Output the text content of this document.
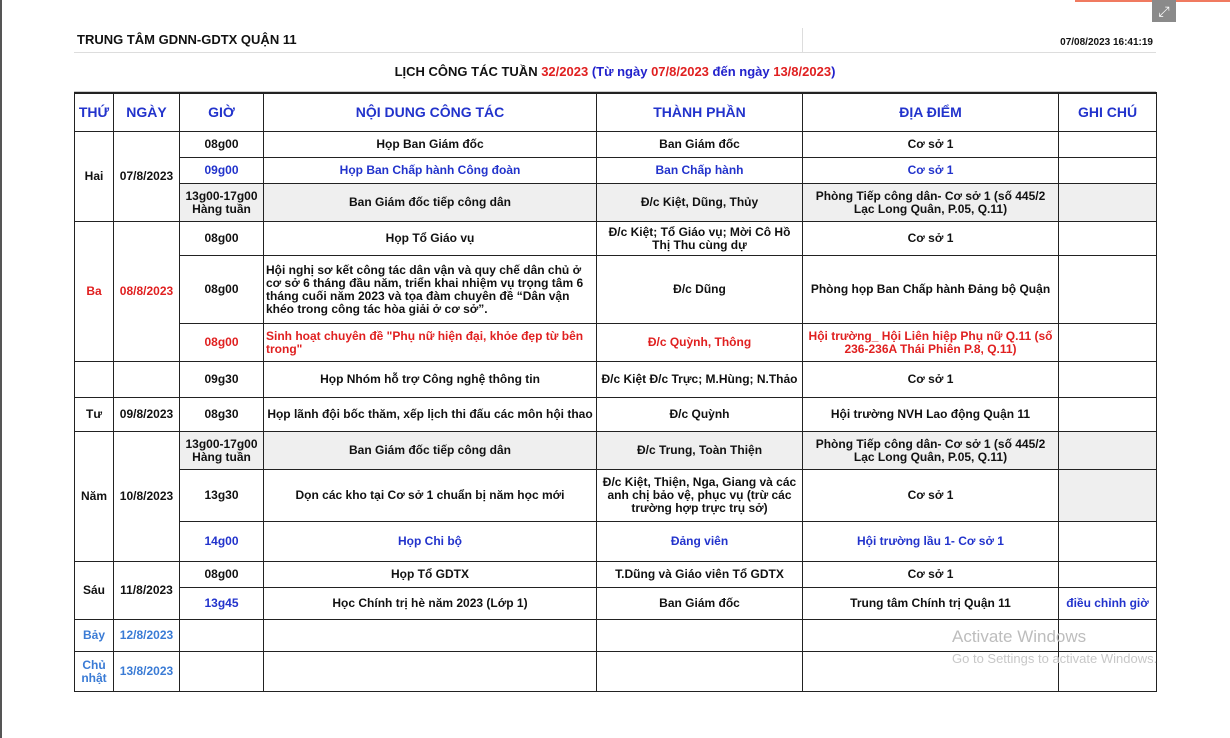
⤢
TRUNG TÂM GDNN-GDTX QUẬN 11	07/08/2023 16:41:19
LỊCH CÔNG TÁC TUẦN 32/2023 (Từ ngày 07/8/2023 đến ngày 13/8/2023)
THỨ	NGÀY	GIỜ	NỘI DUNG CÔNG TÁC	THÀNH PHẦN	ĐỊA ĐIỂM	GHI CHÚ
Hai	07/8/2023	08g00	Họp Ban Giám đốc	Ban Giám đốc	Cơ sở 1	
		09g00	Họp Ban Chấp hành Công đoàn	Ban Chấp hành	Cơ sở 1	
		13g00-17g00 Hàng tuần	Ban Giám đốc tiếp công dân	Đ/c Kiệt, Dũng, Thủy	Phòng Tiếp công dân- Cơ sở 1 (số 445/2 Lạc Long Quân, P.05, Q.11)	
Ba	08/8/2023	08g00	Họp Tổ Giáo vụ	Đ/c Kiệt; Tổ Giáo vụ; Mời Cô Hồ Thị Thu cùng dự	Cơ sở 1	
		08g00	Hội nghị sơ kết công tác dân vận và quy chế dân chủ ở cơ sở 6 tháng đầu năm, triển khai nhiệm vụ trọng tâm 6 tháng cuối năm 2023 và tọa đàm chuyên đề “Dân vận khéo trong công tác hòa giải ở cơ sở”.	Đ/c Dũng	Phòng họp Ban Chấp hành Đảng bộ Quận	
		08g00	Sinh hoạt chuyên đề "Phụ nữ hiện đại, khỏe đẹp từ bên trong"	Đ/c Quỳnh, Thông	Hội trường_ Hội Liên hiệp Phụ nữ Q.11 (số 236-236A Thái Phiên P.8, Q.11)	
		09g30	Họp Nhóm hỗ trợ Công nghệ thông tin	Đ/c Kiệt Đ/c Trực; M.Hùng; N.Thảo	Cơ sở 1	
Tư	09/8/2023	08g30	Họp lãnh đội bốc thăm, xếp lịch thi đấu các môn hội thao	Đ/c Quỳnh	Hội trường NVH Lao động Quận 11	
Năm	10/8/2023	13g00-17g00 Hàng tuần	Ban Giám đốc tiếp công dân	Đ/c Trung, Toàn Thiện	Phòng Tiếp công dân- Cơ sở 1 (số 445/2 Lạc Long Quân, P.05, Q.11)	
		13g30	Dọn các kho tại Cơ sở 1 chuẩn bị năm học mới	Đ/c Kiệt, Thiện, Nga, Giang và các anh chị bảo vệ, phục vụ (trừ các trường hợp trực trụ sở)	Cơ sở 1	
		14g00	Họp Chi bộ	Đảng viên	Hội trường lầu 1- Cơ sở 1	
Sáu	11/8/2023	08g00	Họp Tổ GDTX	T.Dũng và Giáo viên Tổ GDTX	Cơ sở 1	
		13g45	Học Chính trị hè năm 2023 (Lớp 1)	Ban Giám đốc	Trung tâm Chính trị Quận 11	điều chỉnh giờ
Bảy	12/8/2023					
Chủ nhật	13/8/2023					
Activate Windows
Go to Settings to activate Windows.
